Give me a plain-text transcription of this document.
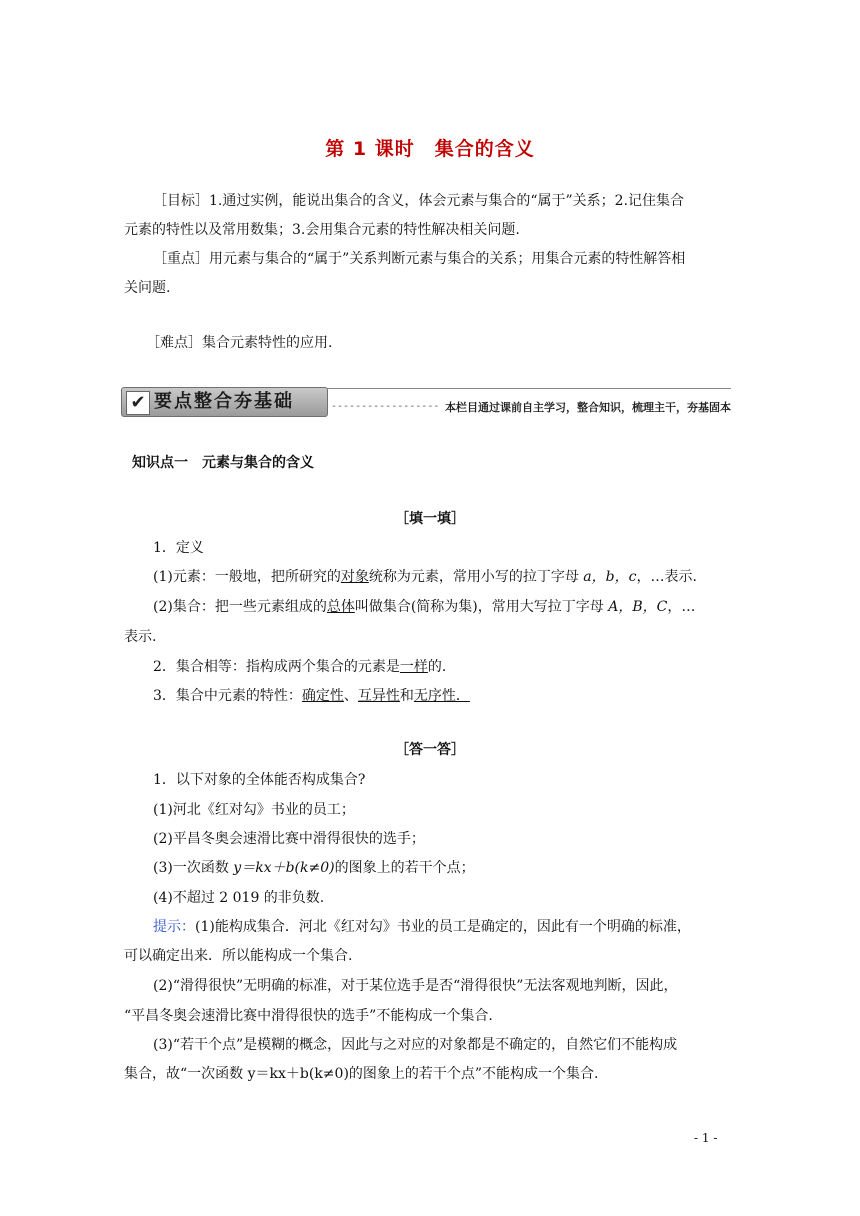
第 1 课时　集合的含义
［目标］1.通过实例，能说出集合的含义，体会元素与集合的“属于”关系；2.记住集合
元素的特性以及常用数集；3.会用集合元素的特性解决相关问题.
［重点］用元素与集合的“属于”关系判断元素与集合的关系；用集合元素的特性解答相
关问题.
［难点］集合元素特性的应用.
✔ 要点整合夯基础	------------------ 本栏目通过课前自主学习，整合知识，梳理主干，夯基固本
知识点一　元素与集合的含义
［填一填］
1．定义
(1)元素：一般地，把所研究的对象统称为元素，常用小写的拉丁字母 a，b，c，…表示.
(2)集合：把一些元素组成的总体叫做集合(简称为集)，常用大写拉丁字母 A，B，C，…
表示.
2．集合相等：指构成两个集合的元素是一样的.
3．集合中元素的特性：确定性、互异性和无序性．
［答一答］
1．以下对象的全体能否构成集合?
(1)河北《红对勾》书业的员工；
(2)平昌冬奥会速滑比赛中滑得很快的选手；
(3)一次函数 y＝kx＋b(k≠0)的图象上的若干个点；
(4)不超过 2 019 的非负数.
提示：(1)能构成集合．河北《红对勾》书业的员工是确定的，因此有一个明确的标准，
可以确定出来．所以能构成一个集合.
(2)“滑得很快”无明确的标准，对于某位选手是否“滑得很快”无法客观地判断，因此，
“平昌冬奥会速滑比赛中滑得很快的选手”不能构成一个集合.
(3)“若干个点”是模糊的概念，因此与之对应的对象都是不确定的，自然它们不能构成
集合，故“一次函数 y＝kx＋b(k≠0)的图象上的若干个点”不能构成一个集合.
- 1 -
